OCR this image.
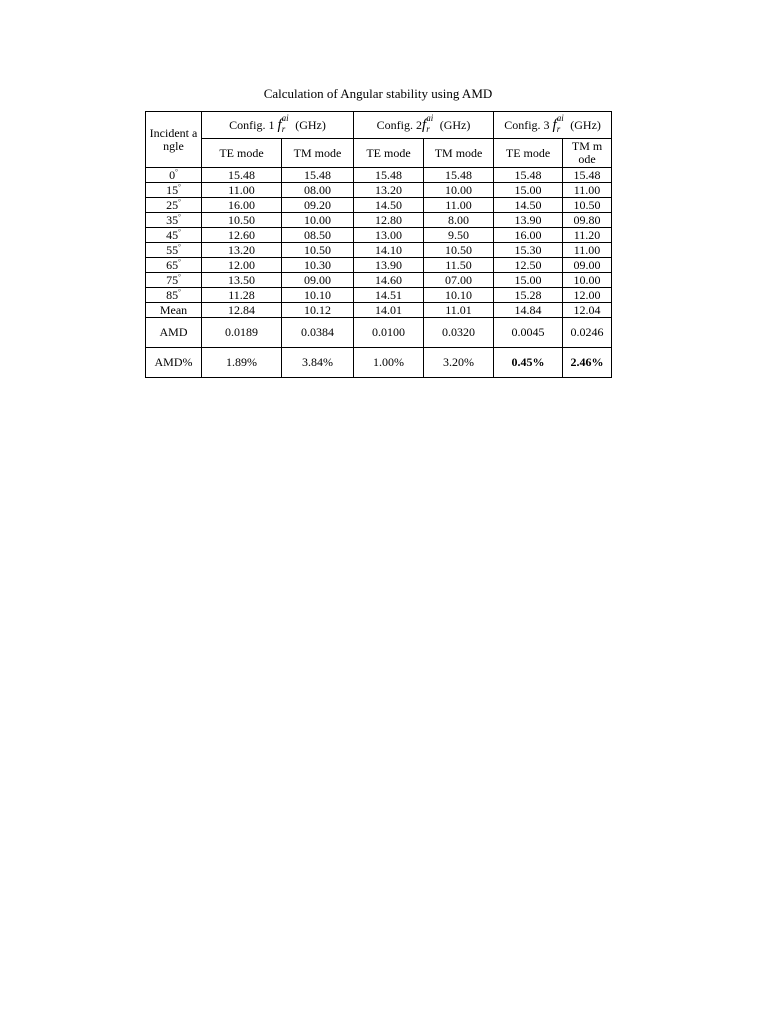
Calculation of Angular stability using AMD
Incident angle	Config. 1 $f^{ai}_r$ (GHz)		Config. $2f^{ai}_r$ (GHz)		Config. 3 $f^{ai}_r$ (GHz)	
	TE mode	TM mode	TE mode	TM mode	TE mode	TM mode
0°	15.48	15.48	15.48	15.48	15.48	15.48
15°	11.00	08.00	13.20	10.00	15.00	11.00
25°	16.00	09.20	14.50	11.00	14.50	10.50
35°	10.50	10.00	12.80	8.00	13.90	09.80
45°	12.60	08.50	13.00	9.50	16.00	11.20
55°	13.20	10.50	14.10	10.50	15.30	11.00
65°	12.00	10.30	13.90	11.50	12.50	09.00
75°	13.50	09.00	14.60	07.00	15.00	10.00
85°	11.28	10.10	14.51	10.10	15.28	12.00
Mean	12.84	10.12	14.01	11.01	14.84	12.04
AMD	0.0189	0.0384	0.0100	0.0320	0.0045	0.0246
AMD%	1.89%	3.84%	1.00%	3.20%	0.45%	2.46%
